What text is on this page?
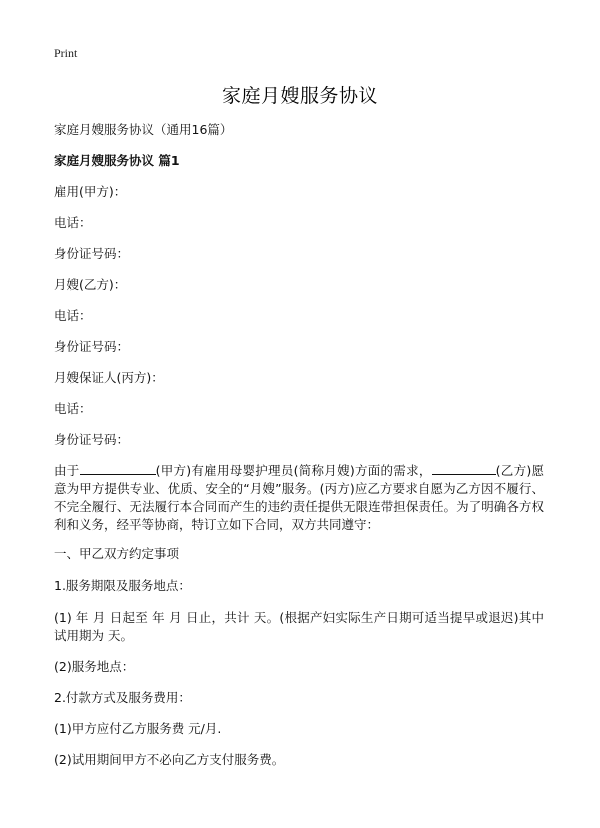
Print
家庭月嫂服务协议
家庭月嫂服务协议（通用16篇）
家庭月嫂服务协议 篇1
雇用(甲方)：
电话：
身份证号码：
月嫂(乙方)：
电话：
身份证号码：
月嫂保证人(丙方)：
电话：
身份证号码：
由于	(甲方)有雇用母婴护理员(简称月嫂)方面的需求，	(乙方)愿意为甲方提供专业、优质、安全的“月嫂”服务。(丙方)应乙方要求自愿为乙方因不履行、不完全履行、无法履行本合同而产生的违约责任提供无限连带担保责任。为了明确各方权利和义务，经平等协商，特订立如下合同，双方共同遵守：
一、甲乙双方约定事项
1.服务期限及服务地点：
(1) 年 月 日起至 年 月 日止，共计 天。(根据产妇实际生产日期可适当提早或退迟)其中试用期为 天。
(2)服务地点：
2.付款方式及服务费用：
(1)甲方应付乙方服务费 元/月.
(2)试用期间甲方不必向乙方支付服务费。
